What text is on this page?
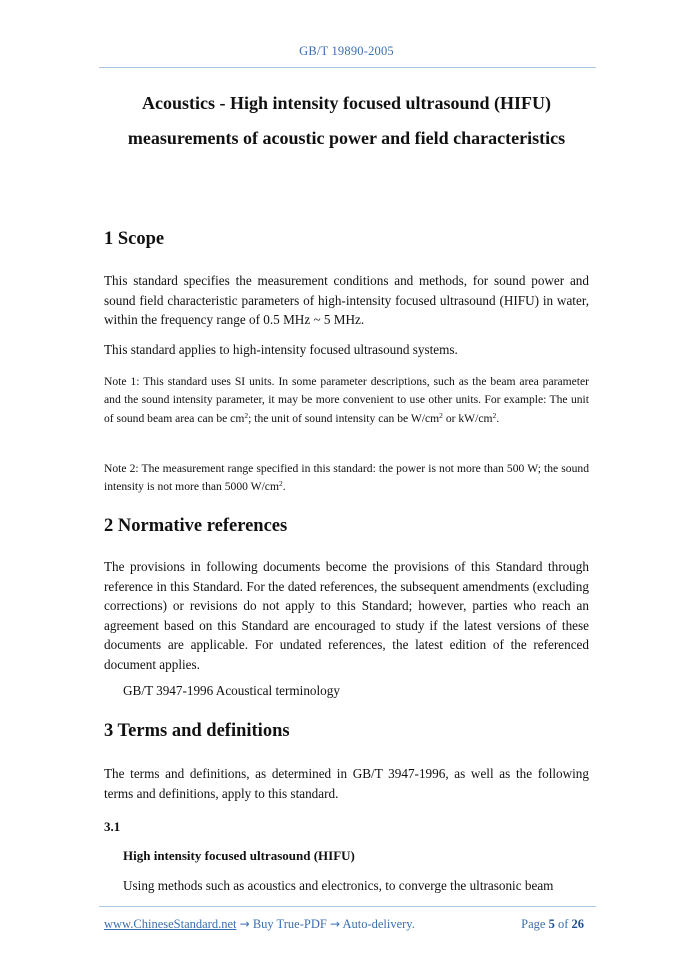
GB/T 19890-2005
Acoustics - High intensity focused ultrasound (HIFU)
measurements of acoustic power and field characteristics
1 Scope

This standard specifies the measurement conditions and methods, for sound power and sound field characteristic parameters of high-intensity focused ultrasound (HIFU) in water, within the frequency range of 0.5 MHz ~ 5 MHz.

This standard applies to high-intensity focused ultrasound systems.

Note 1: This standard uses SI units. In some parameter descriptions, such as the beam area parameter and the sound intensity parameter, it may be more convenient to use other units. For example: The unit of sound beam area can be $cm^2$; the unit of sound intensity can be $W/cm^2$ or $kW/cm^2$.

Note 2: The measurement range specified in this standard: the power is not more than 500 W; the sound intensity is not more than 5000 $W/cm^2$.

2 Normative references

The provisions in following documents become the provisions of this Standard through reference in this Standard. For the dated references, the subsequent amendments (excluding corrections) or revisions do not apply to this Standard; however, parties who reach an agreement based on this Standard are encouraged to study if the latest versions of these documents are applicable. For undated references, the latest edition of the referenced document applies.

GB/T 3947-1996 Acoustical terminology

3 Terms and definitions

The terms and definitions, as determined in GB/T 3947-1996, as well as the following terms and definitions, apply to this standard.

3.1
High intensity focused ultrasound (HIFU)

Using methods such as acoustics and electronics, to converge the ultrasonic beam

www.ChineseStandard.net → Buy True-PDF → Auto-delivery.	Page 5 of 26
